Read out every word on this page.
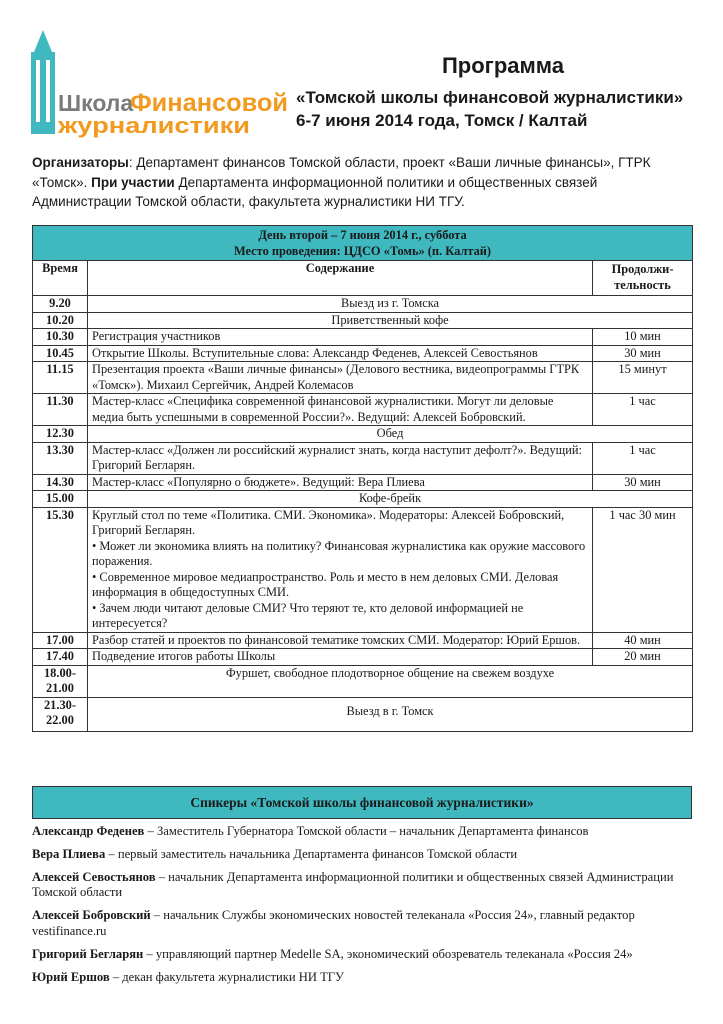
Школа
Финансовой
журналистики
Программа
«Томской школы финансовой журналистики»
6-7 июня 2014 года, Томск / Калтай
Организаторы: Департамент финансов Томской области, проект «Ваши личные финансы», ГТРК «Томск». При участии Департамента информационной политики и общественных связей Администрации Томской области, факультета журналистики НИ ТГУ.
День второй – 7 июня 2014 г., суббота
Место проведения: ЦДСО «Томь» (п. Калтай)		

Время	Содержание	Продолжи-тельность
9.20	Выезд из г. Томска	
10.20	Приветственный кофе	
10.30	Регистрация участников	10 мин
10.45	Открытие Школы. Вступительные слова: Александр Феденев, Алексей Севостьянов	30 мин
11.15	Презентация проекта «Ваши личные финансы» (Делового вестника, видеопрограммы ГТРК «Томск»). Михаил Сергейчик, Андрей Колемасов	15 минут
11.30	Мастер-класс «Специфика современной финансовой журналистики. Могут ли деловые медиа быть успешными в современной России?». Ведущий: Алексей Бобровский.	1 час
12.30	Обед	
13.30	Мастер-класс «Должен ли российский журналист знать, когда наступит дефолт?». Ведущий: Григорий Бегларян.	1 час
14.30	Мастер-класс «Популярно о бюджете». Ведущий: Вера Плиева	30 мин
15.00	Кофе-брейк	
15.30	Круглый стол по теме «Политика. СМИ. Экономика». Модераторы: Алексей Бобровский, Григорий Бегларян.
• Может ли экономика влиять на политику? Финансовая журналистика как оружие массового поражения.
• Современное мировое медиапространство. Роль и место в нем деловых СМИ. Деловая информация в общедоступных СМИ.
• Зачем люди читают деловые СМИ? Что теряют те, кто деловой информацией не интересуется?	1 час 30 мин
17.00	Разбор статей и проектов по финансовой тематике томских СМИ. Модератор: Юрий Ершов.	40 мин
17.40	Подведение итогов работы Школы	20 мин
18.00-21.00	Фуршет, свободное плодотворное общение на свежем воздухе	
21.30-22.00	Выезд в г. Томск	
Спикеры «Томской школы финансовой журналистики»
Александр Феденев – Заместитель Губернатора Томской области – начальник Департамента финансов
Вера Плиева – первый заместитель начальника Департамента финансов Томской области
Алексей Севостьянов – начальник Департамента информационной политики и общественных связей Администрации Томской области
Алексей Бобровский – начальник Службы экономических новостей телеканала «Россия 24», главный редактор vestifinance.ru
Григорий Бегларян – управляющий партнер Medelle SA, экономический обозреватель телеканала «Россия 24»
Юрий Ершов – декан факультета журналистики НИ ТГУ
